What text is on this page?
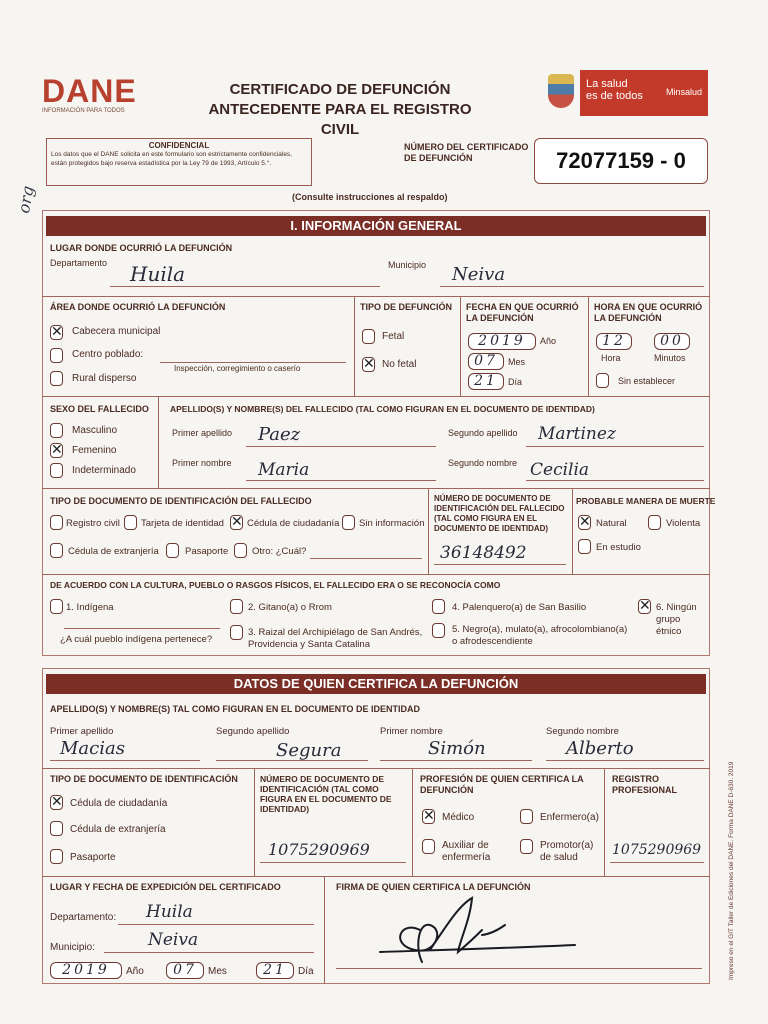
DANE
INFORMACIÓN PARA TODOS
CERTIFICADO DE DEFUNCIÓN
ANTECEDENTE PARA EL REGISTRO CIVIL
La salud
es de todos	Minsalud
org
CONFIDENCIAL
Los datos que el DANE solicita en este formulario son estrictamente confidenciales, están protegidos bajo reserva estadística por la Ley 79 de 1993, Artículo 5.°.
NÚMERO DEL CERTIFICADO DE DEFUNCIÓN	72077159 - 0
(Consulte instrucciones al respaldo)
I. INFORMACIÓN GENERAL
LUGAR DONDE OCURRIÓ LA DEFUNCIÓN
Departamento Huila	Municipio Neiva
ÁREA DONDE OCURRIÓ LA DEFUNCIÓN
✕
Cabecera municipal
Centro poblado:
Inspección, corregimiento o caserío
Rural disperso
TIPO DE DEFUNCIÓN
Fetal
✕
No fetal
FECHA EN QUE OCURRIÓ LA DEFUNCIÓN
2019	Año
07	Mes
21	Día
HORA EN QUE OCURRIÓ LA DEFUNCIÓN
12	00
Hora	Minutos
Sin establecer
SEXO DEL FALLECIDO
Masculino
✕
Femenino
Indeterminado
APELLIDO(S) Y NOMBRE(S) DEL FALLECIDO (TAL COMO FIGURAN EN EL DOCUMENTO DE IDENTIDAD)
Primer apellido Paez	Segundo apellido Martinez
Primer nombre Maria	Segundo nombre Cecilia
TIPO DE DOCUMENTO DE IDENTIFICACIÓN DEL FALLECIDO
Registro civil Tarjeta de identidad
✕ Cédula de ciudadanía Sin información
Cédula de extranjería	Pasaporte Otro: ¿Cuál?
NÚMERO DE DOCUMENTO DE IDENTIFICACIÓN DEL FALLECIDO (TAL COMO FIGURA EN EL DOCUMENTO DE IDENTIDAD)
36148492
PROBABLE MANERA DE MUERTE
✕
Natural	Violenta
En estudio
DE ACUERDO CON LA CULTURA, PUEBLO O RASGOS FÍSICOS, EL FALLECIDO ERA O SE RECONOCÍA COMO
1. Indígena
¿A cuál pueblo indígena pertenece?
2. Gitano(a) o Rrom
3. Raizal del Archipiélago de San Andrés, Providencia y Santa Catalina
4. Palenquero(a) de San Basilio
5. Negro(a), mulato(a), afrocolombiano(a) o afrodescendiente
✕
6. Ningún grupo étnico
DATOS DE QUIEN CERTIFICA LA DEFUNCIÓN
APELLIDO(S) Y NOMBRE(S) TAL COMO FIGURAN EN EL DOCUMENTO DE IDENTIDAD
Primer apellido
Macias
Segundo apellido
Segura
Primer nombre
Simón
Segundo nombre
Alberto
TIPO DE DOCUMENTO DE IDENTIFICACIÓN
✕
Cédula de ciudadanía
Cédula de extranjería
Pasaporte
NÚMERO DE DOCUMENTO DE IDENTIFICACIÓN (TAL COMO FIGURA EN EL DOCUMENTO DE IDENTIDAD)
1075290969
PROFESIÓN DE QUIEN CERTIFICA LA DEFUNCIÓN
✕
Médico	Enfermero(a)
Auxiliar de enfermería
Promotor(a) de salud
REGISTRO PROFESIONAL
1075290969
LUGAR Y FECHA DE EXPEDICIÓN DEL CERTIFICADO
Departamento: Huila
Municipio:	Neiva
2019	Año	07	Mes	21	Día
FIRMA DE QUIEN CERTIFICA LA DEFUNCIÓN	Impreso en el GIT Taller de Ediciones del DANE. Forma DANE D-630. 2019
